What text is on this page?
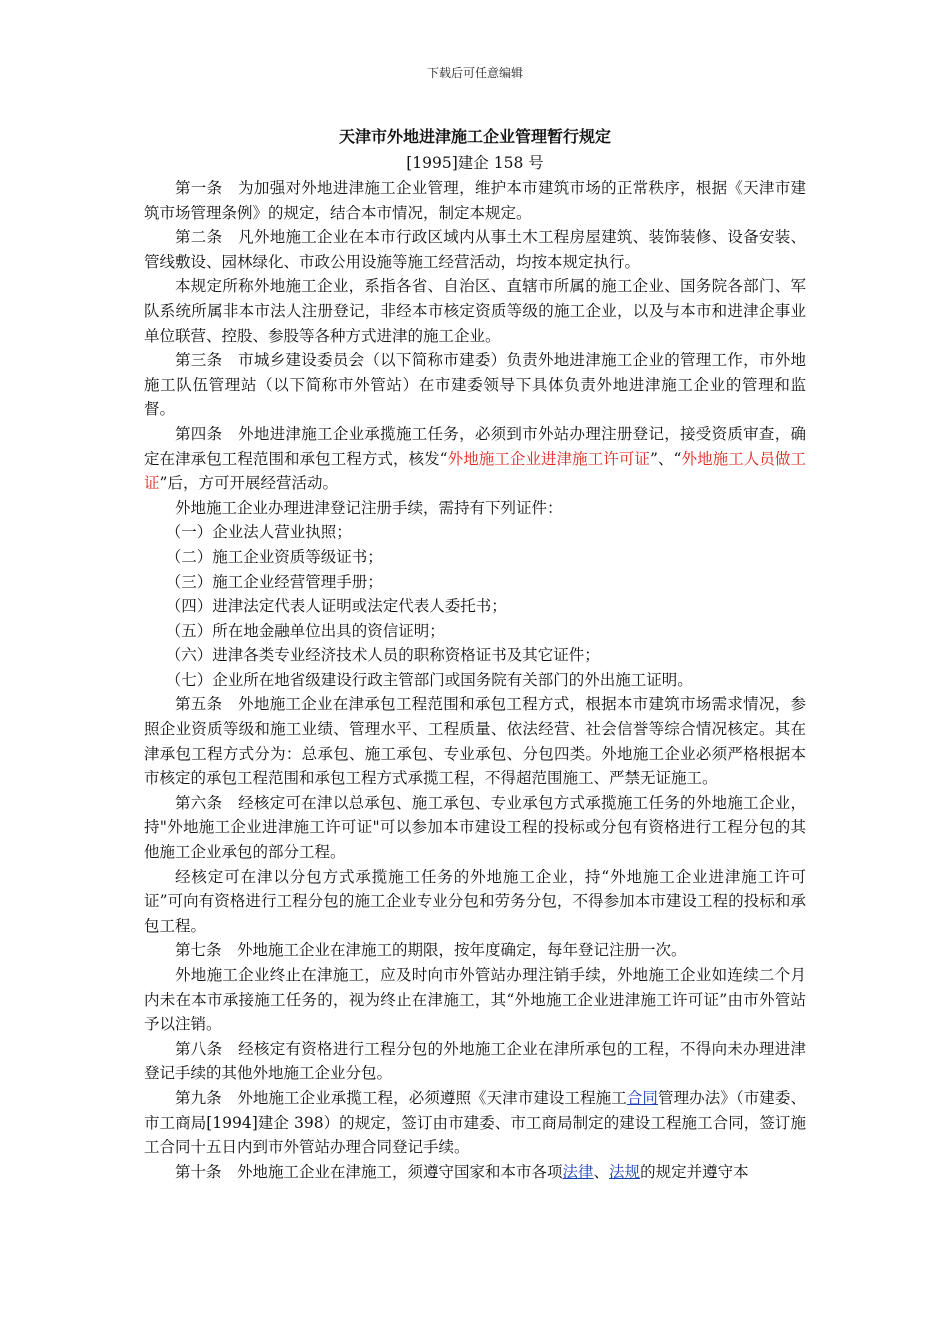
下载后可任意编辑

天津市外地进津施工企业管理暂行规定

[1995]建企 158 号

第一条　为加强对外地进津施工企业管理，维护本市建筑市场的正常秩序，根据《天津市建筑市场管理条例》的规定，结合本市情况，制定本规定。

第二条　凡外地施工企业在本市行政区域内从事土木工程房屋建筑、装饰装修、设备安装、管线敷设、园林绿化、市政公用设施等施工经营活动，均按本规定执行。

本规定所称外地施工企业，系指各省、自治区、直辖市所属的施工企业、国务院各部门、军队系统所属非本市法人注册登记，非经本市核定资质等级的施工企业，以及与本市和进津企事业单位联营、控股、参股等各种方式进津的施工企业。

第三条　市城乡建设委员会（以下简称市建委）负责外地进津施工企业的管理工作，市外地施工队伍管理站（以下简称市外管站）在市建委领导下具体负责外地进津施工企业的管理和监督。

第四条　外地进津施工企业承揽施工任务，必须到市外站办理注册登记，接受资质审查，确定在津承包工程范围和承包工程方式，核发“外地施工企业进津施工许可证”、“外地施工人员做工证”后，方可开展经营活动。

外地施工企业办理进津登记注册手续，需持有下列证件：

（一）企业法人营业执照；

（二）施工企业资质等级证书；

（三）施工企业经营管理手册；

（四）进津法定代表人证明或法定代表人委托书；

（五）所在地金融单位出具的资信证明；

（六）进津各类专业经济技术人员的职称资格证书及其它证件；

（七）企业所在地省级建设行政主管部门或国务院有关部门的外出施工证明。

第五条　外地施工企业在津承包工程范围和承包工程方式，根据本市建筑市场需求情况，参照企业资质等级和施工业绩、管理水平、工程质量、依法经营、社会信誉等综合情况核定。其在津承包工程方式分为：总承包、施工承包、专业承包、分包四类。外地施工企业必须严格根据本市核定的承包工程范围和承包工程方式承揽工程，不得超范围施工、严禁无证施工。

第六条　经核定可在津以总承包、施工承包、专业承包方式承揽施工任务的外地施工企业，持"外地施工企业进津施工许可证"可以参加本市建设工程的投标或分包有资格进行工程分包的其他施工企业承包的部分工程。

经核定可在津以分包方式承揽施工任务的外地施工企业，持“外地施工企业进津施工许可证”可向有资格进行工程分包的施工企业专业分包和劳务分包，不得参加本市建设工程的投标和承包工程。

第七条　外地施工企业在津施工的期限，按年度确定，每年登记注册一次。

外地施工企业终止在津施工，应及时向市外管站办理注销手续，外地施工企业如连续二个月内未在本市承接施工任务的，视为终止在津施工，其“外地施工企业进津施工许可证”由市外管站予以注销。

第八条　经核定有资格进行工程分包的外地施工企业在津所承包的工程，不得向未办理进津登记手续的其他外地施工企业分包。

第九条　外地施工企业承揽工程，必须遵照《天津市建设工程施工合同管理办法》（市建委、市工商局[1994]建企 398）的规定，签订由市建委、市工商局制定的建设工程施工合同，签订施工合同十五日内到市外管站办理合同登记手续。

第十条　外地施工企业在津施工，须遵守国家和本市各项法律、法规的规定并遵守本
